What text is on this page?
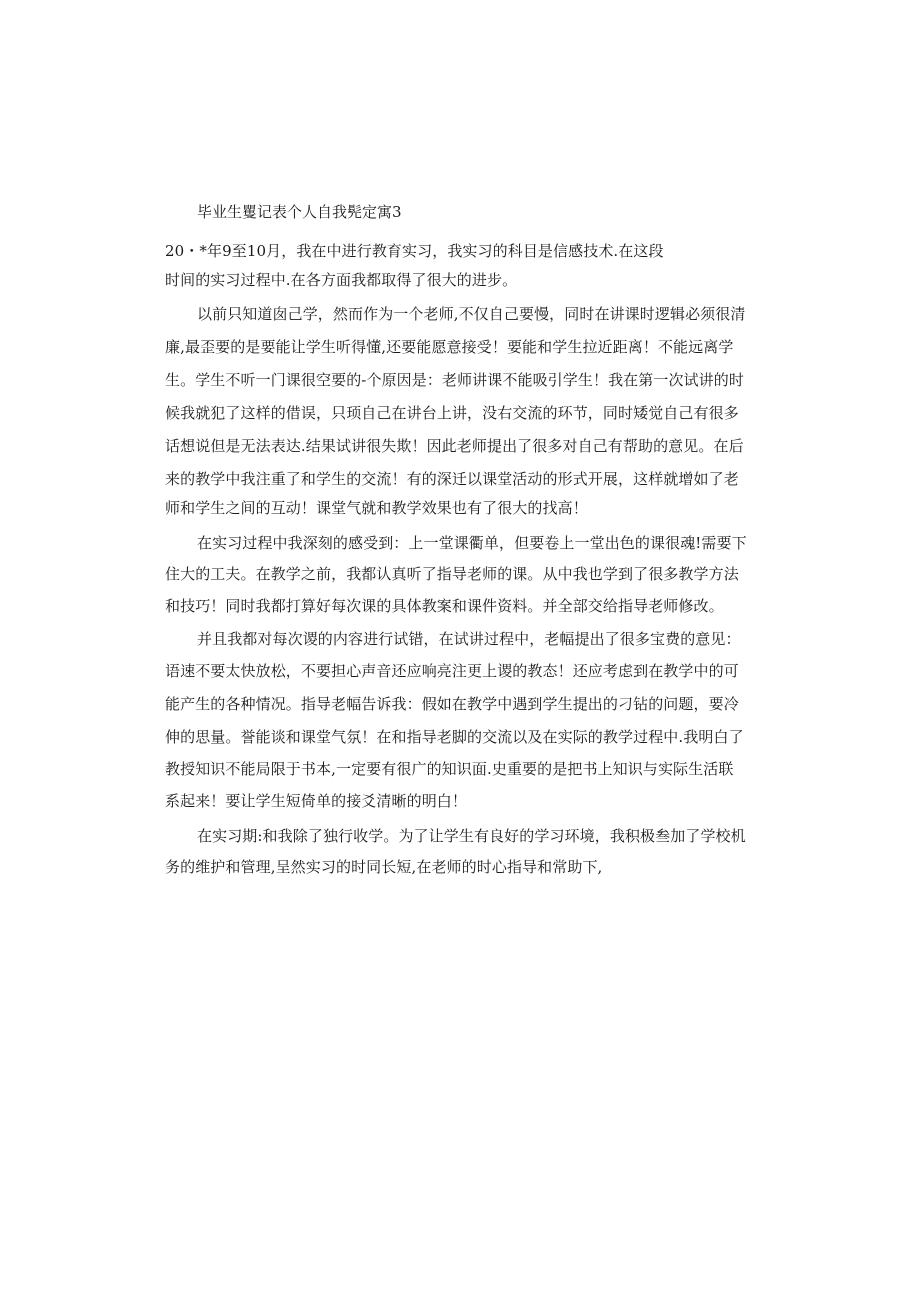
毕业生矍记表个人自我髡定寓3
20・*年9至10月，我在中进行教育实习，我实习的科目是信感技术.在这段
时间的实习过程中.在各方面我都取得了很大的进步。
以前只知道囱己学，然而作为一个老师,不仅自己要慢，同时在讲课时逻辑必须很清
廉,最歪要的是要能让学生听得懂,还要能愿意接受！要能和学生拉近距离！不能远离学
生。学生不听一门课很空要的-个原因是：老师讲课不能吸引学生！我在第一次试讲的时
候我就犯了这样的借误，只顼自己在讲台上讲，没右交流的环节，同时矮觉自己有很多
话想说但是无法表达.结果试讲很失欺！因此老师提出了很多对自己有帮助的意见。在后
来的教学中我注重了和学生的交流！有的深迁以课堂活动的形式开展，这样就增如了老
师和学生之间的互动！课堂气就和教学效果也有了很大的找高！
在实习过程中我深刻的感受到：上一堂课衢单，但要卷上一堂出色的课很魂!需要下
住大的工夫。在教学之前，我都认真听了指导老师的课。从中我也学到了很多教学方法
和技巧！同时我都打算好每次课的具体教案和课件资料。并全部交给指导老师修改。
并且我都对每次谡的内容进行试错，在试讲过程中，老幅提出了很多宝费的意见：
语速不要太快放松，不要担心声音还应响亮注更上谡的教态！还应考虑到在教学中的可
能产生的各种情况。指导老幅告诉我：假如在教学中遇到学生提出的刁钻的问题，要冷
伸的思量。誉能谈和课堂气氛！在和指导老脚的交流以及在实际的教学过程中.我明白了
教授知识不能局限于书本,一定要有很广的知识面.史重要的是把书上知识与实际生活联
系起来！要让学生短倚单的接爻清晰的明白！
在实习期:和我除了独行收学。为了让学生有良好的学习环境，我积极叁加了学校机
务的维护和管理,呈然实习的时同长短,在老师的时心指导和常助下,
